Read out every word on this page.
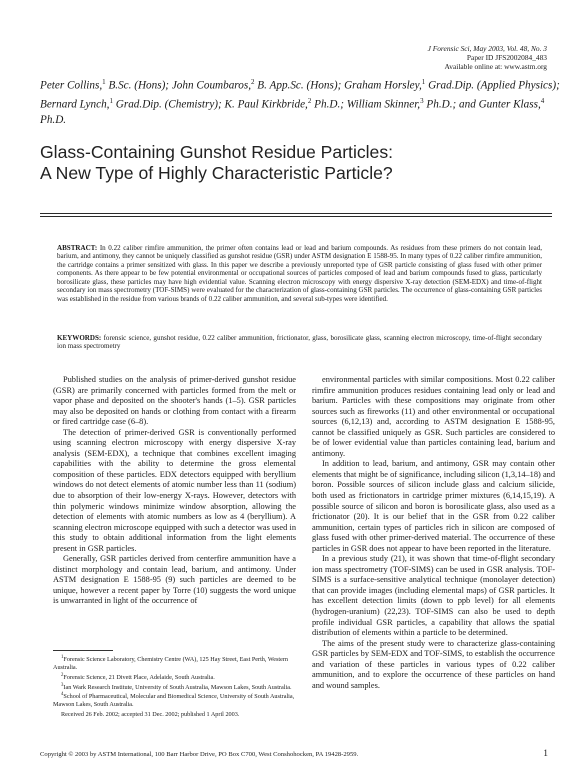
J Forensic Sci, May 2003, Vol. 48, No. 3
Paper ID JFS2002084_483
Available online at: www.astm.org
Peter Collins,$^1$ B.Sc. (Hons); John Coumbaros,$^2$ B. App.Sc. (Hons); Graham Horsley,$^1$ Grad.Dip. (Applied Physics); Bernard Lynch,$^1$ Grad.Dip. (Chemistry); K. Paul Kirkbride,$^2$ Ph.D.; William Skinner,$^3$ Ph.D.; and Gunter Klass,$^4$ Ph.D.
Glass-Containing Gunshot Residue Particles:
A New Type of Highly Characteristic Particle?
ABSTRACT: In 0.22 caliber rimfire ammunition, the primer often contains lead or lead and barium compounds. As residues from these primers do not contain lead, barium, and antimony, they cannot be uniquely classified as gunshot residue (GSR) under ASTM designation E 1588-95. In many types of 0.22 caliber rimfire ammunition, the cartridge contains a primer sensitized with glass. In this paper we describe a previously unreported type of GSR particle consisting of glass fused with other primer components. As there appear to be few potential environmental or occupational sources of particles composed of lead and barium compounds fused to glass, particularly borosilicate glass, these particles may have high evidential value. Scanning electron microscopy with energy dispersive X-ray detection (SEM-EDX) and time-of-flight secondary ion mass spectrometry (TOF-SIMS) were evaluated for the characterization of glass-containing GSR particles. The occurrence of glass-containing GSR particles was established in the residue from various brands of 0.22 caliber ammunition, and several sub-types were identified.
KEYWORDS: forensic science, gunshot residue, 0.22 caliber ammunition, frictionator, glass, borosilicate glass, scanning electron microscopy, time-of-flight secondary ion mass spectrometry

Published studies on the analysis of primer-derived gunshot residue (GSR) are primarily concerned with particles formed from the melt or vapor phase and deposited on the shooter's hands (1–5). GSR particles may also be deposited on hands or clothing from contact with a firearm or fired cartridge case (6–8).

The detection of primer-derived GSR is conventionally performed using scanning electron microscopy with energy dispersive X-ray analysis (SEM-EDX), a technique that combines excellent imaging capabilities with the ability to determine the gross elemental composition of these particles. EDX detectors equipped with beryllium windows do not detect elements of atomic number less than 11 (sodium) due to absorption of their low-energy X-rays. However, detectors with thin polymeric windows minimize window absorption, allowing the detection of elements with atomic numbers as low as 4 (beryllium). A scanning electron microscope equipped with such a detector was used in this study to obtain additional information from the light elements present in GSR particles.

Generally, GSR particles derived from centerfire ammunition have a distinct morphology and contain lead, barium, and antimony. Under ASTM designation E 1588-95 (9) such particles are deemed to be unique, however a recent paper by Torre (10) suggests the word unique is unwarranted in light of the occurrence of

environmental particles with similar compositions. Most 0.22 caliber rimfire ammunition produces residues containing lead only or lead and barium. Particles with these compositions may originate from other sources such as fireworks (11) and other environmental or occupational sources (6,12,13) and, according to ASTM designation E 1588-95, cannot be classified uniquely as GSR. Such particles are considered to be of lower evidential value than particles containing lead, barium and antimony.

In addition to lead, barium, and antimony, GSR may contain other elements that might be of significance, including silicon (1,3,14–18) and boron. Possible sources of silicon include glass and calcium silicide, both used as frictionators in cartridge primer mixtures (6,14,15,19). A possible source of silicon and boron is borosilicate glass, also used as a frictionator (20). It is our belief that in the GSR from 0.22 caliber ammunition, certain types of particles rich in silicon are composed of glass fused with other primer-derived material. The occurrence of these particles in GSR does not appear to have been reported in the literature.

In a previous study (21), it was shown that time-of-flight secondary ion mass spectrometry (TOF-SIMS) can be used in GSR analysis. TOF-SIMS is a surface-sensitive analytical technique (monolayer detection) that can provide images (including elemental maps) of GSR particles. It has excellent detection limits (down to ppb level) for all elements (hydrogen-uranium) (22,23). TOF-SIMS can also be used to depth profile individual GSR particles, a capability that allows the spatial distribution of elements within a particle to be determined.

The aims of the present study were to characterize glass-containing GSR particles by SEM-EDX and TOF-SIMS, to establish the occurrence and variation of these particles in various types of 0.22 caliber ammunition, and to explore the occurrence of these particles on hand and wound samples.

$^1$Forensic Science Laboratory, Chemistry Centre (WA), 125 Hay Street, East Perth, Western Australia.

$^2$Forensic Science, 21 Divett Place, Adelaide, South Australia.

$^3$Ian Wark Research Institute, University of South Australia, Mawson Lakes, South Australia.

$^4$School of Pharmaceutical, Molecular and Biomedical Science, University of South Australia, Mawson Lakes, South Australia.

Received 26 Feb. 2002; accepted 31 Dec. 2002; published 1 April 2003.

Copyright © 2003 by ASTM International, 100 Barr Harbor Drive, PO Box C700, West Conshohocken, PA 19428-2959.	1
